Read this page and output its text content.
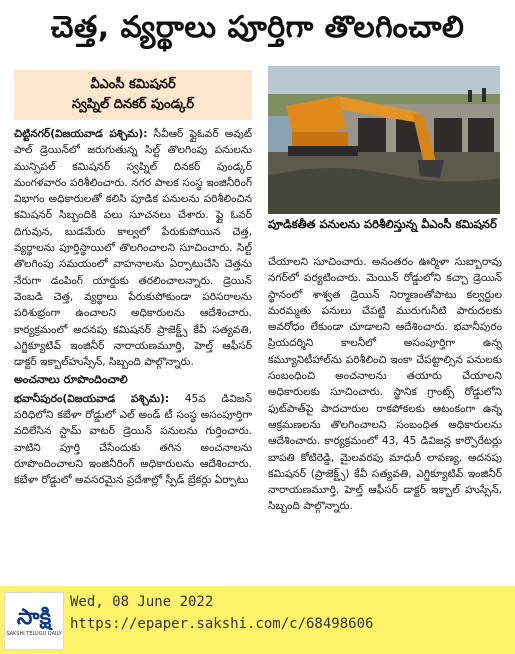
చెత్త, వ్యర్థాలు పూర్తిగా తొలగించాలి
వీఎంసీ కమిషనర్
స్వప్నిల్ దినకర్ పుండ్కర్
పూడికతీత పనులను పరిశీలిస్తున్న వీఎంసీ కమిషనర్

చిట్టినగర్(విజయవాడ పశ్చిమ): సీవీఆర్ ఫ్లైఓవర్ అవుట్ పాల్ డ్రెయిన్‌లో జరుగుతున్న సిల్ట్ తొలగింపు పనులను మున్సిపల్ కమిషనర్ స్వప్నిల్ దినకర్ పుండ్కర్ మంగళవారం పరిశీలించారు. నగర పాలక సంస్థ ఇంజినీరింగ్ విభాగం అధికారులతో కలిసి పూడిక పనులను పరిశీలించిన కమిషనర్ సిబ్బందికి పలు సూచనలు చేశారు. ఫ్లై ఓవర్ దిగువున, బుడమేరు కాల్వలో పేరుకుపోయిన చెత్త, వ్యర్థాలను పూర్తిస్థాయిలో తొలగించాలని సూచించారు. సిల్ట్ తొలగింపు సమయంలో వాహనాలను ఏర్పాటుచేసి చెత్తను నేరుగా డంపింగ్ యార్డుకు తరలించాలన్నారు. డ్రెయిన్ వెంబడి చెత్త, వ్యర్థాలు పేరుకుపోకుండా పరిసరాలను పరిశుభ్రంగా ఉంచాలని అధికారులను ఆదేశించారు. కార్యక్రమంలో అదనపు కమిషనర్ ప్రాజెక్ట్స్ కేవీ సత్యవతి, ఎగ్జిక్యూటివ్ ఇంజినీర్ నారాయణమూర్తి, హెల్త్ ఆఫీసర్ డాక్టర్ ఇక్బాల్‌హుస్సేన్, సిబ్బంది పాల్గొన్నారు.

అంచనాలు రూపొందించాలి

భవానీపురం(విజయవాడ పశ్చిమ): 45వ డివిజన్ పరిధిలోని కబేళా రోడ్డులో ఎల్ అండ్ టీ సంస్థ అసంపూర్తిగా వదిలేసిన స్టామ్ వాటర్ డ్రెయిన్ పనులను గుర్తించారు. వాటిని పూర్తి చేసేందుకు తగిన అంచనాలను రూపొందించాలని ఇంజినీరింగ్ అధికారులను ఆదేశించారు. కబేళా రోడ్డులో అవసరమైన ప్రదేశాల్లో స్పీడ్ బ్రేకర్లు ఏర్పాటు

చేయాలని సూచించారు. అనంతరం ఊర్మిళా సుబ్బారావు నగర్‌లో పర్యటించారు. మెయిన్ రోడ్డులోని కచ్చా డ్రెయిన్ స్థానంలో శాశ్వత డ్రెయిన్ నిర్మాణంతోపాటు కల్వర్టుల మరమ్మతు పనులు చేపట్టి మురుగునీటి పారుదలకు అవరోధం లేకుండా చూడాలని ఆదేశించారు. భవానీపురం ప్రియదర్శిని కాలనీలో అసంపూర్తిగా ఉన్న కమ్యూనిటీహాల్‌ను పరిశీలించి ఇంకా చేపట్టాల్సిన పనులకు సంబంధించి అంచనాలను తయారు చేయాలని అధికారులకు సూచించారు. స్థానిక గ్రాంట్స్ రోడ్డులోని ఫుట్‌పాత్‌పై పాదచారుల రాకపోకలకు ఆటంకంగా ఉన్న ఆక్రమణలను తొలగించాలని సంబంధిత అధికారులను ఆదేశించారు. కార్యక్రమంలో 43, 45 డివిజన్ల కార్పొరేటర్లు బాపతి కోటిరెడ్డి, మైలవరపు మాధురీ లావణ్య, అదనపు కమిషనర్ (ప్రాజెక్ట్స్) కేవీ సత్యవతి, ఎగ్జిక్యూటివ్ ఇంజినీర్ నారాయణమూర్తి, హెల్త్ ఆఫీసర్ డాక్టర్ ఇక్బాల్ హుస్సేన్, సిబ్బంది పాల్గొన్నారు.

సాక్షి
SAKSHI TELUGU DAILY
Wed, 08 June 2022
https://epaper.sakshi.com/c/68498606
